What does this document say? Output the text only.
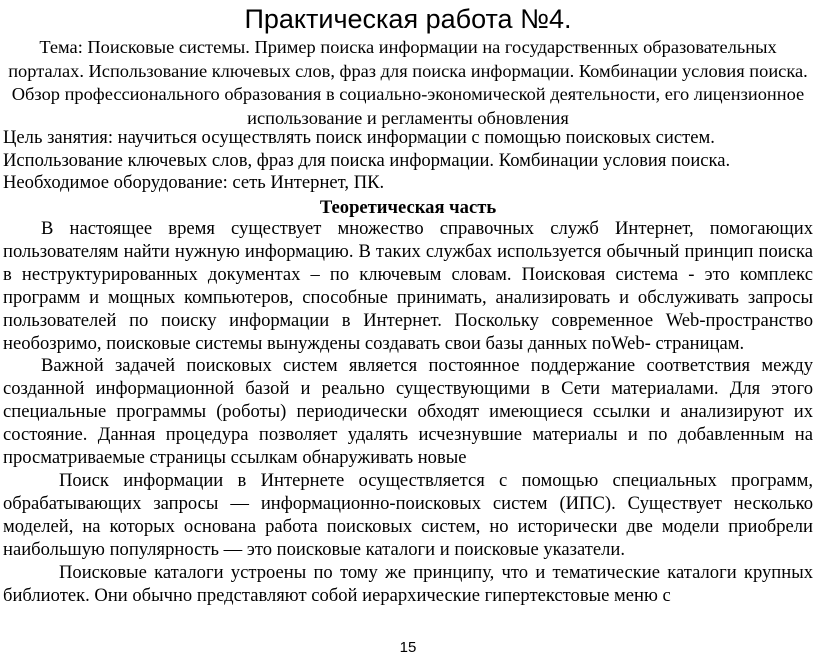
Практическая работа №4.
Тема: Поисковые системы. Пример поиска информации на государственных образовательных порталах. Использование ключевых слов, фраз для поиска информации. Комбинации условия поиска. Обзор профессионального образования в социально-экономической деятельности, его лицензионное использование и регламенты обновления
Цель занятия: научиться осуществлять поиск информации с помощью поисковых систем. Использование ключевых слов, фраз для поиска информации. Комбинации условия поиска.
Необходимое оборудование: сеть Интернет, ПК.
Теоретическая часть

В настоящее время существует множество справочных служб Интернет, помогающих пользователям найти нужную информацию. В таких службах используется обычный принцип поиска в неструктурированных документах – по ключевым словам. Поисковая система - это комплекс программ и мощных компьютеров, способные принимать, анализировать и обслуживать запросы пользователей по поиску информации в Интернет. Поскольку современное Web-пространство необозримо, поисковые системы вынуждены создавать свои базы данных поWeb- страницам.

Важной задачей поисковых систем является постоянное поддержание соответствия между созданной информационной базой и реально существующими в Сети материалами. Для этого специальные программы (роботы) периодически обходят имеющиеся ссылки и анализируют их состояние. Данная процедура позволяет удалять исчезнувшие материалы и по добавленным на просматриваемые страницы ссылкам обнаруживать новые

Поиск информации в Интернете осуществляется с помощью специальных программ, обрабатывающих запросы — информационно-поисковых систем (ИПС). Существует несколько моделей, на которых основана работа поисковых систем, но исторически две модели приобрели наибольшую популярность — это поисковые каталоги и поисковые указатели.

Поисковые каталоги устроены по тому же принципу, что и тематические каталоги крупных библиотек. Они обычно представляют собой иерархические гипертекстовые меню с

15
